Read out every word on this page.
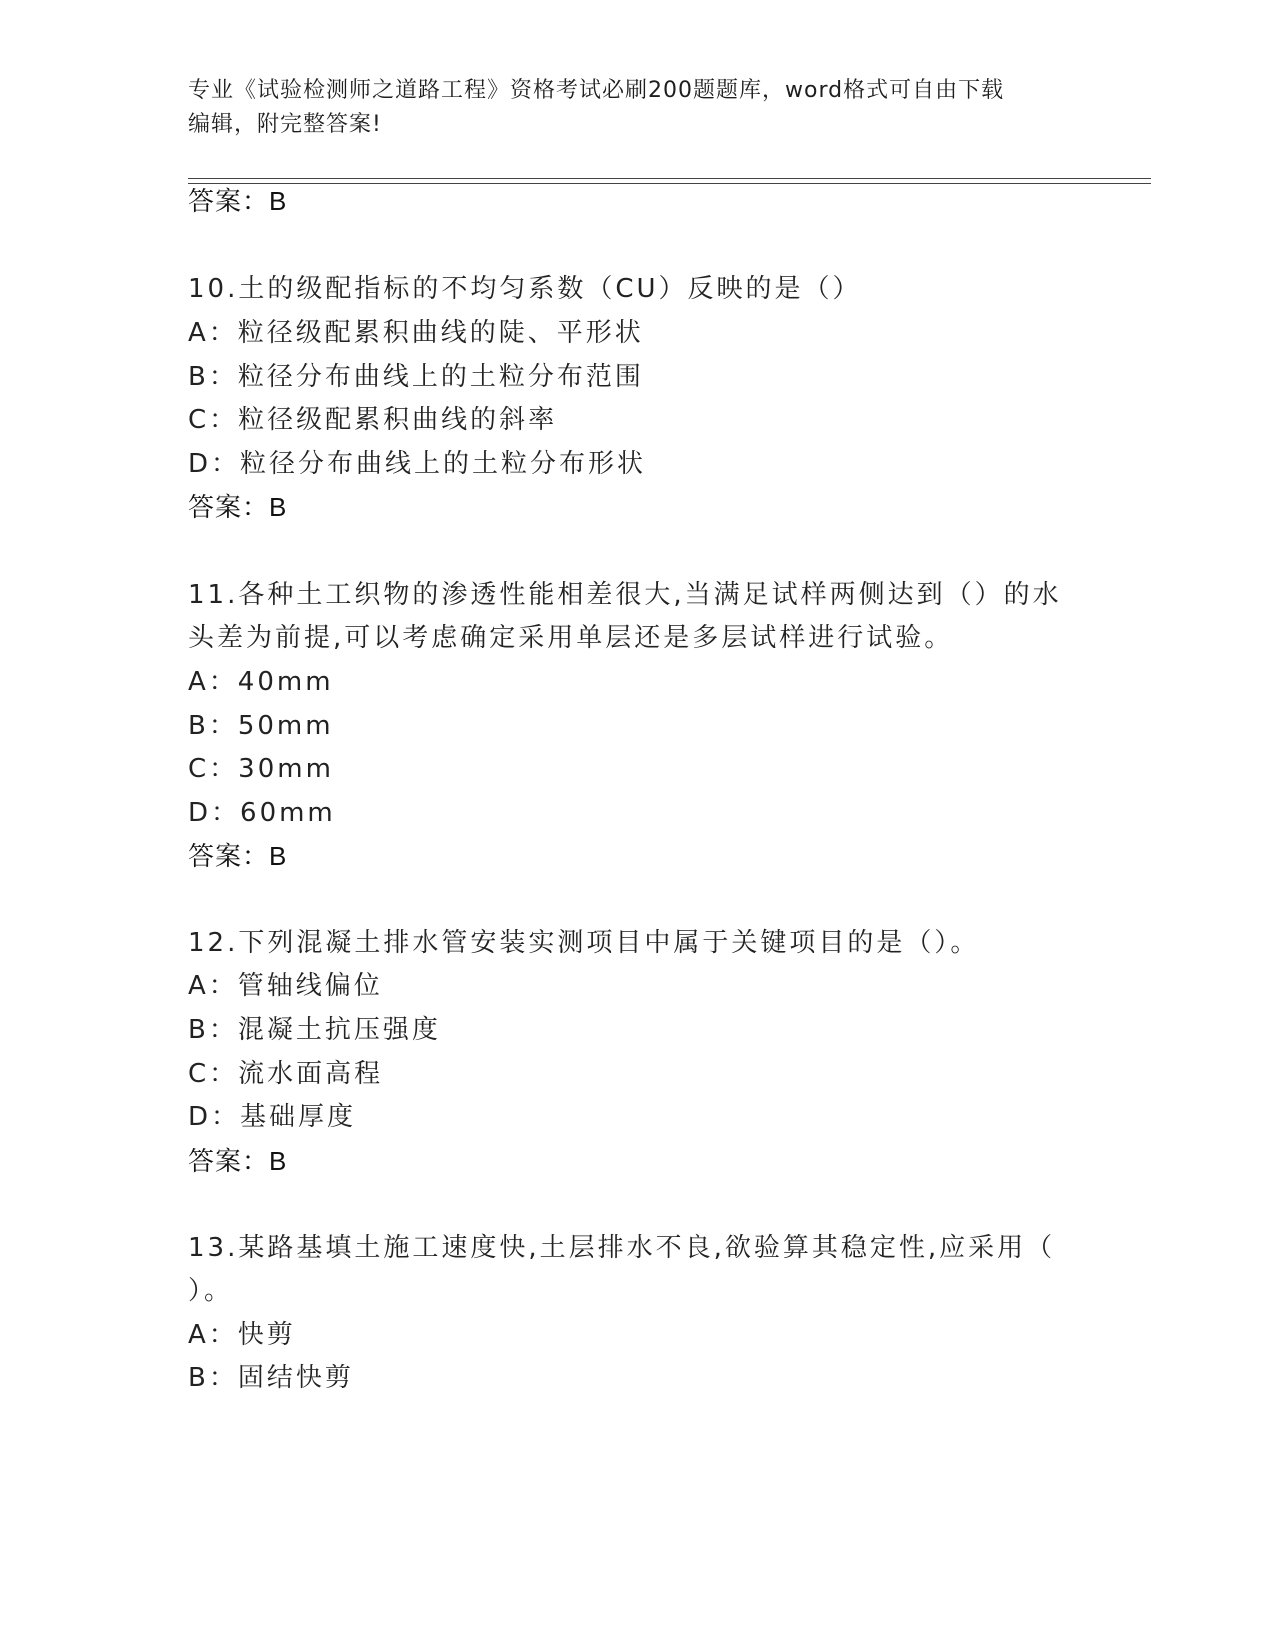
专业《试验检测师之道路工程》资格考试必刷200题题库，word格式可自由下载
编辑，附完整答案!
答案：B
10.土的级配指标的不均匀系数（CU）反映的是（）
A：粒径级配累积曲线的陡、平形状
B：粒径分布曲线上的土粒分布范围
C：粒径级配累积曲线的斜率
D：粒径分布曲线上的土粒分布形状
答案：B
11.各种土工织物的渗透性能相差很大,当满足试样两侧达到（）的水
头差为前提,可以考虑确定采用单层还是多层试样进行试验。
A：40mm
B：50mm
C：30mm
D：60mm
答案：B
12.下列混凝土排水管安装实测项目中属于关键项目的是（）。
A：管轴线偏位
B：混凝土抗压强度
C：流水面高程
D：基础厚度
答案：B
13.某路基填土施工速度快,土层排水不良,欲验算其稳定性,应采用（
）。
A：快剪
B：固结快剪
